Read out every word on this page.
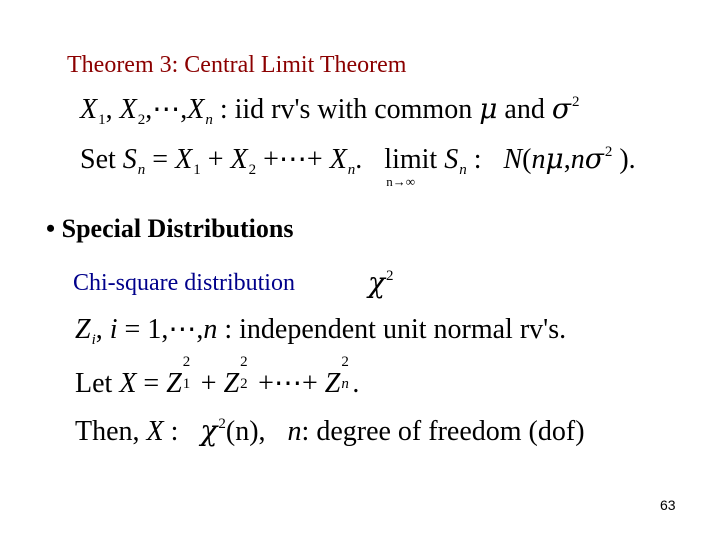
Theorem 3: Central Limit Theorem
$X_1$, $X_2,\cdots,X_n$ : iid rv's with common μ and $\sigma^2$
Set $S_n = X_1 + X_2$ +⋯+ $X_n$. limit
n→∞
$S_n$ : $N(n\mu,n\sigma^2$ ).
• Special Distributions
Chi-square distribution	$\chi^2$
$Z_i$, i = 1,⋯,n : independent unit normal rv's.
Let X = Z
2
1 + Z
2
2 +⋯+ Z
2
n .
Then, X : $\chi^2(n)$, n: degree of freedom (dof)
63
